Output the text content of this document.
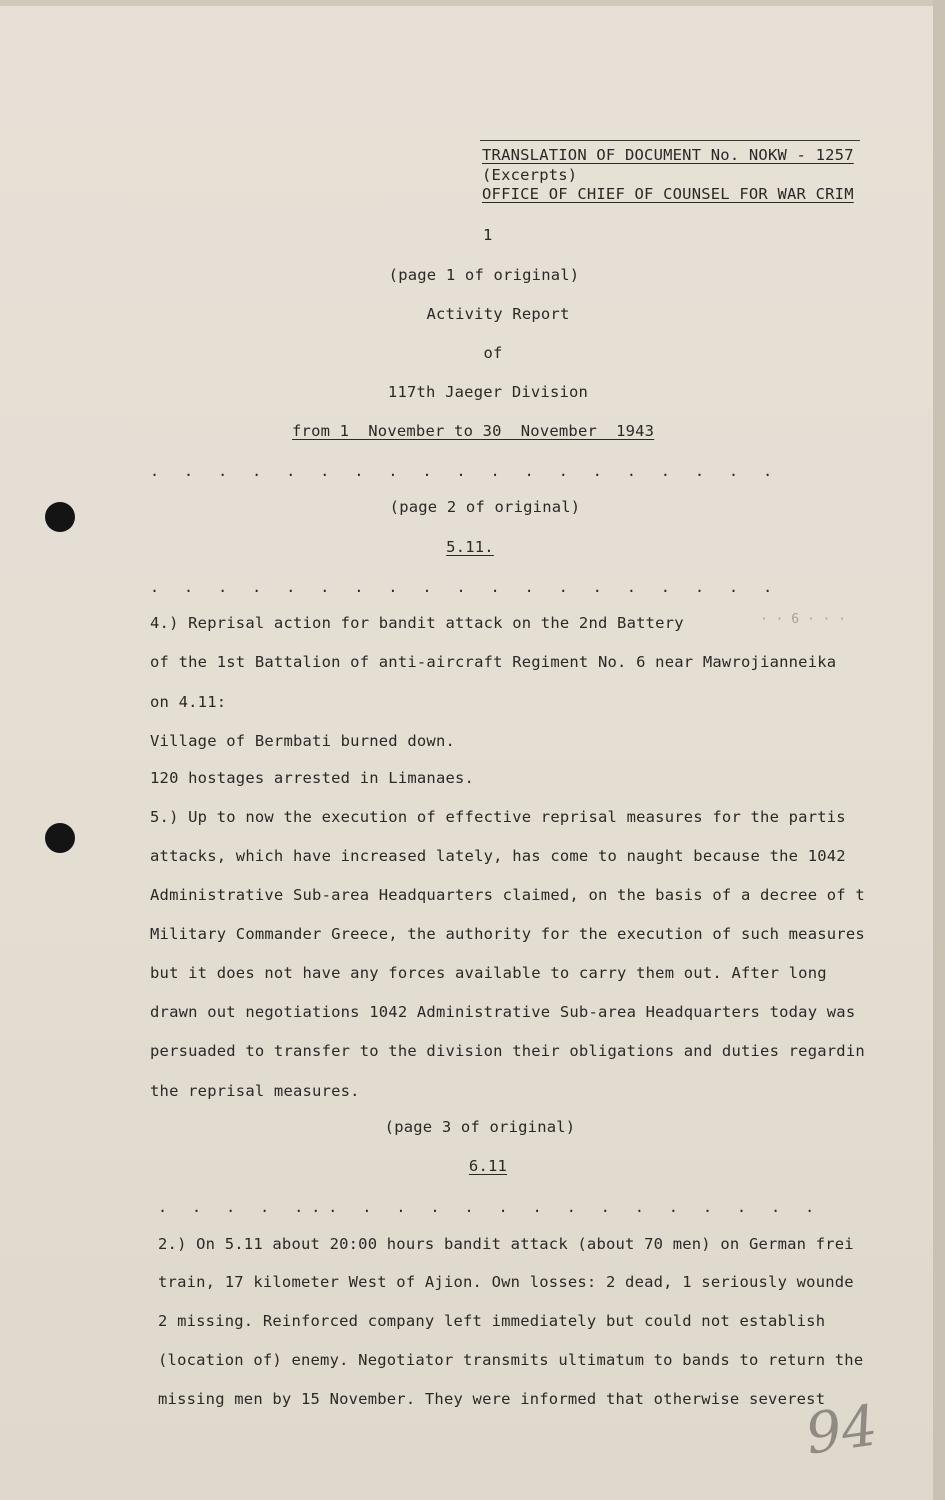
TRANSLATION OF DOCUMENT No. NOKW - 1257
(Excerpts)
OFFICE OF CHIEF OF COUNSEL FOR WAR CRIM
1
(page 1 of original)
Activity Report
of
117th Jaeger Division
from 1  November to 30  November  1943
. . . . . . . . . . . . . . . . . . .
(page 2 of original)
5.11.
. . . . . . . . . . . . . . . . . . .
4.) Reprisal action for bandit attack on the 2nd Battery	· · 6 · · ·
of the 1st Battalion of anti-aircraft Regiment No. 6 near Mawrojianneika
on 4.11:
Village of Bermbati burned down.
120 hostages arrested in Limanaes.
5.) Up to now the execution of effective reprisal measures for the partis
attacks, which have increased lately, has come to naught because the 1042
Administrative Sub-area Headquarters claimed, on the basis of a decree of t
Military Commander Greece, the authority for the execution of such measures
but it does not have any forces available to carry them out. After long
drawn out negotiations 1042 Administrative Sub-area Headquarters today was
persuaded to transfer to the division their obligations and duties regardin
the reprisal measures.
(page 3 of original)
6.11
. . . . ... . . . . . . . . . . . . . .
2.) On 5.11 about 20:00 hours bandit attack (about 70 men) on German frei
train, 17 kilometer West of Ajion. Own losses: 2 dead, 1 seriously wounde
2 missing. Reinforced company left immediately but could not establish
(location of) enemy. Negotiator transmits ultimatum to bands to return the
missing men by 15 November. They were informed that otherwise severest
94
